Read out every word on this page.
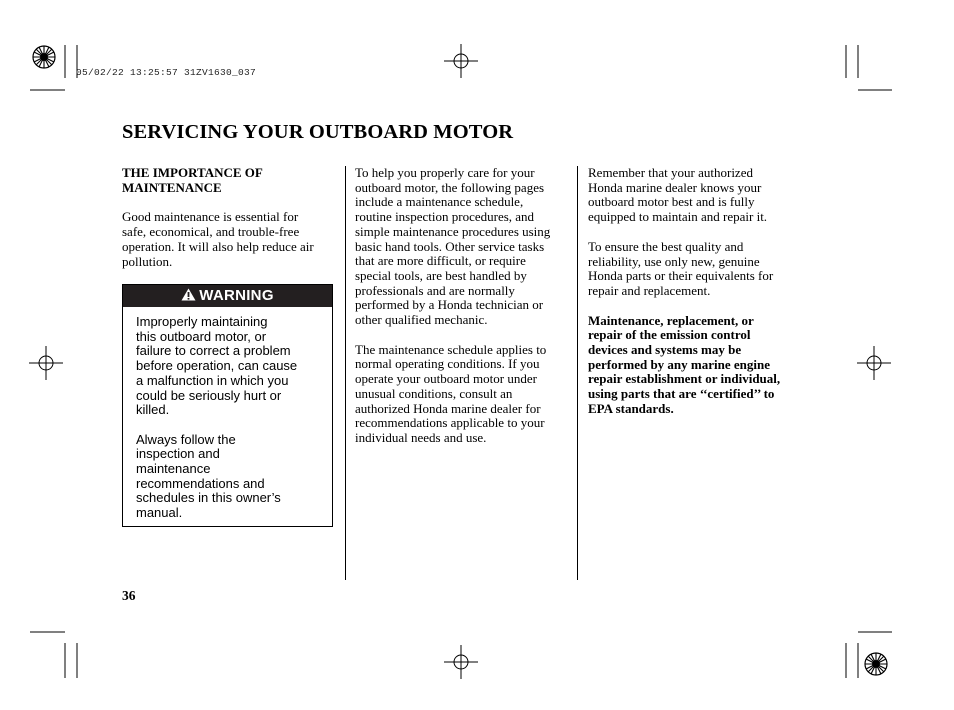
05/02/22 13:25:57 31ZV1630_037
SERVICING YOUR OUTBOARD MOTOR
THE IMPORTANCE OF
MAINTENANCE

Good maintenance is essential for
safe, economical, and trouble-free
operation. It will also help reduce air
pollution.

WARNING

Improperly maintaining
this outboard motor, or
failure to correct a problem
before operation, can cause
a malfunction in which you
could be seriously hurt or
killed.

Always follow the
inspection and
maintenance
recommendations and
schedules in this owner’s
manual.

To help you properly care for your
outboard motor, the following pages
include a maintenance schedule,
routine inspection procedures, and
simple maintenance procedures using
basic hand tools. Other service tasks
that are more difficult, or require
special tools, are best handled by
professionals and are normally
performed by a Honda technician or
other qualified mechanic.

The maintenance schedule applies to
normal operating conditions. If you
operate your outboard motor under
unusual conditions, consult an
authorized Honda marine dealer for
recommendations applicable to your
individual needs and use.

Remember that your authorized
Honda marine dealer knows your
outboard motor best and is fully
equipped to maintain and repair it.

To ensure the best quality and
reliability, use only new, genuine
Honda parts or their equivalents for
repair and replacement.

Maintenance, replacement, or
repair of the emission control
devices and systems may be
performed by any marine engine
repair establishment or individual,
using parts that are ‘‘certified’’ to
EPA standards.

36
